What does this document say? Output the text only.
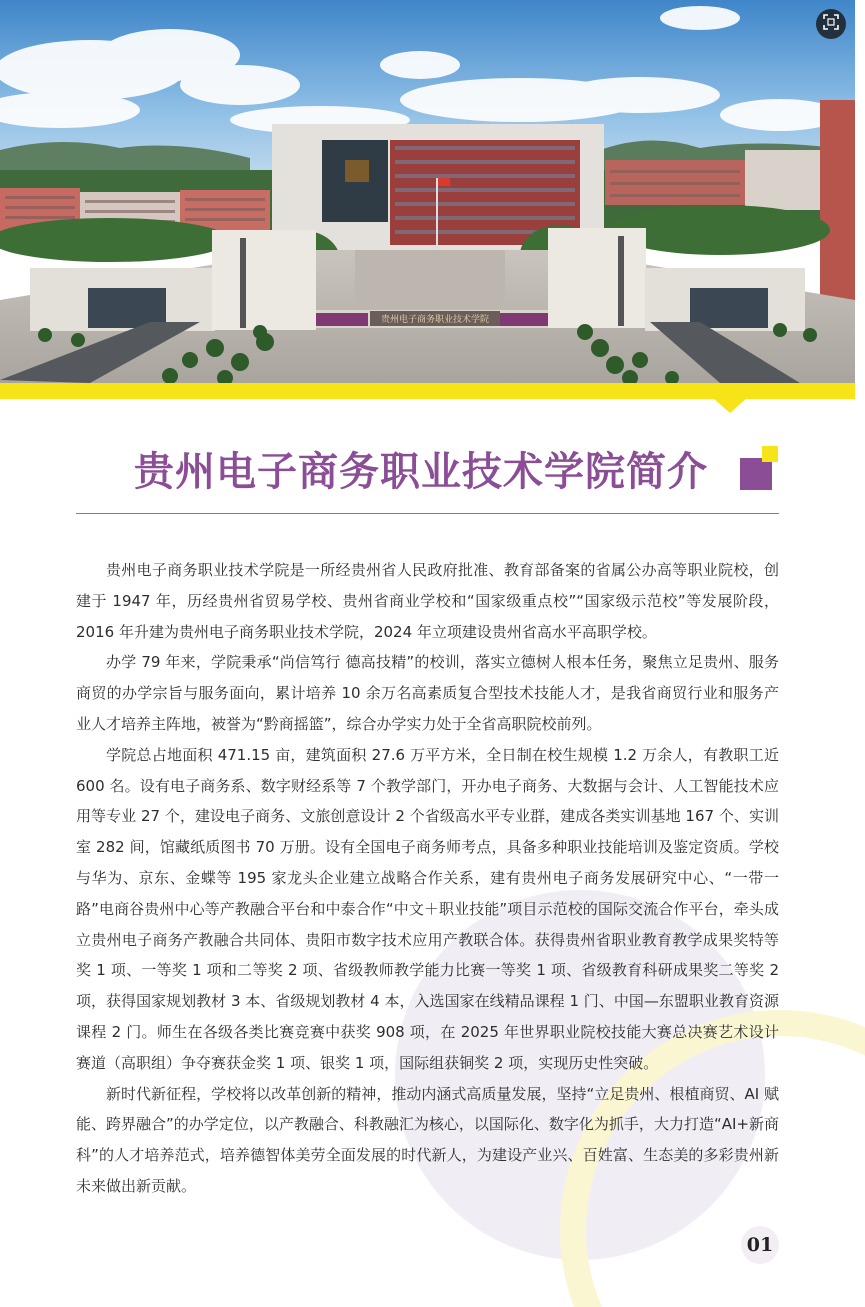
贵州电子商务职业技术学院
贵州电子商务职业技术学院简介

贵州电子商务职业技术学院是一所经贵州省人民政府批准、教育部备案的省属公办高等职业院校，创建于 1947 年，历经贵州省贸易学校、贵州省商业学校和“国家级重点校”“国家级示范校”等发展阶段，2016 年升建为贵州电子商务职业技术学院，2024 年立项建设贵州省高水平高职学校。

办学 79 年来，学院秉承“尚信笃行 德高技精”的校训，落实立德树人根本任务，聚焦立足贵州、服务商贸的办学宗旨与服务面向，累计培养 10 余万名高素质复合型技术技能人才，是我省商贸行业和服务产业人才培养主阵地，被誉为“黔商摇篮”，综合办学实力处于全省高职院校前列。

学院总占地面积 471.15 亩，建筑面积 27.6 万平方米，全日制在校生规模 1.2 万余人，有教职工近 600 名。设有电子商务系、数字财经系等 7 个教学部门，开办电子商务、大数据与会计、人工智能技术应用等专业 27 个，建设电子商务、文旅创意设计 2 个省级高水平专业群，建成各类实训基地 167 个、实训室 282 间，馆藏纸质图书 70 万册。设有全国电子商务师考点，具备多种职业技能培训及鉴定资质。学校与华为、京东、金蝶等 195 家龙头企业建立战略合作关系，建有贵州电子商务发展研究中心、“一带一路”电商谷贵州中心等产教融合平台和中泰合作“中文＋职业技能”项目示范校的国际交流合作平台，牵头成立贵州电子商务产教融合共同体、贵阳市数字技术应用产教联合体。获得贵州省职业教育教学成果奖特等奖 1 项、一等奖 1 项和二等奖 2 项、省级教师教学能力比赛一等奖 1 项、省级教育科研成果奖二等奖 2 项，获得国家规划教材 3 本、省级规划教材 4 本，入选国家在线精品课程 1 门、中国—东盟职业教育资源课程 2 门。师生在各级各类比赛竞赛中获奖 908 项，在 2025 年世界职业院校技能大赛总决赛艺术设计赛道（高职组）争夺赛获金奖 1 项、银奖 1 项，国际组获铜奖 2 项，实现历史性突破。

新时代新征程，学校将以改革创新的精神，推动内涵式高质量发展，坚持“立足贵州、根植商贸、AI 赋能、跨界融合”的办学定位，以产教融合、科教融汇为核心，以国际化、数字化为抓手，大力打造“AI+新商科”的人才培养范式，培养德智体美劳全面发展的时代新人，为建设产业兴、百姓富、生态美的多彩贵州新未来做出新贡献。

01
